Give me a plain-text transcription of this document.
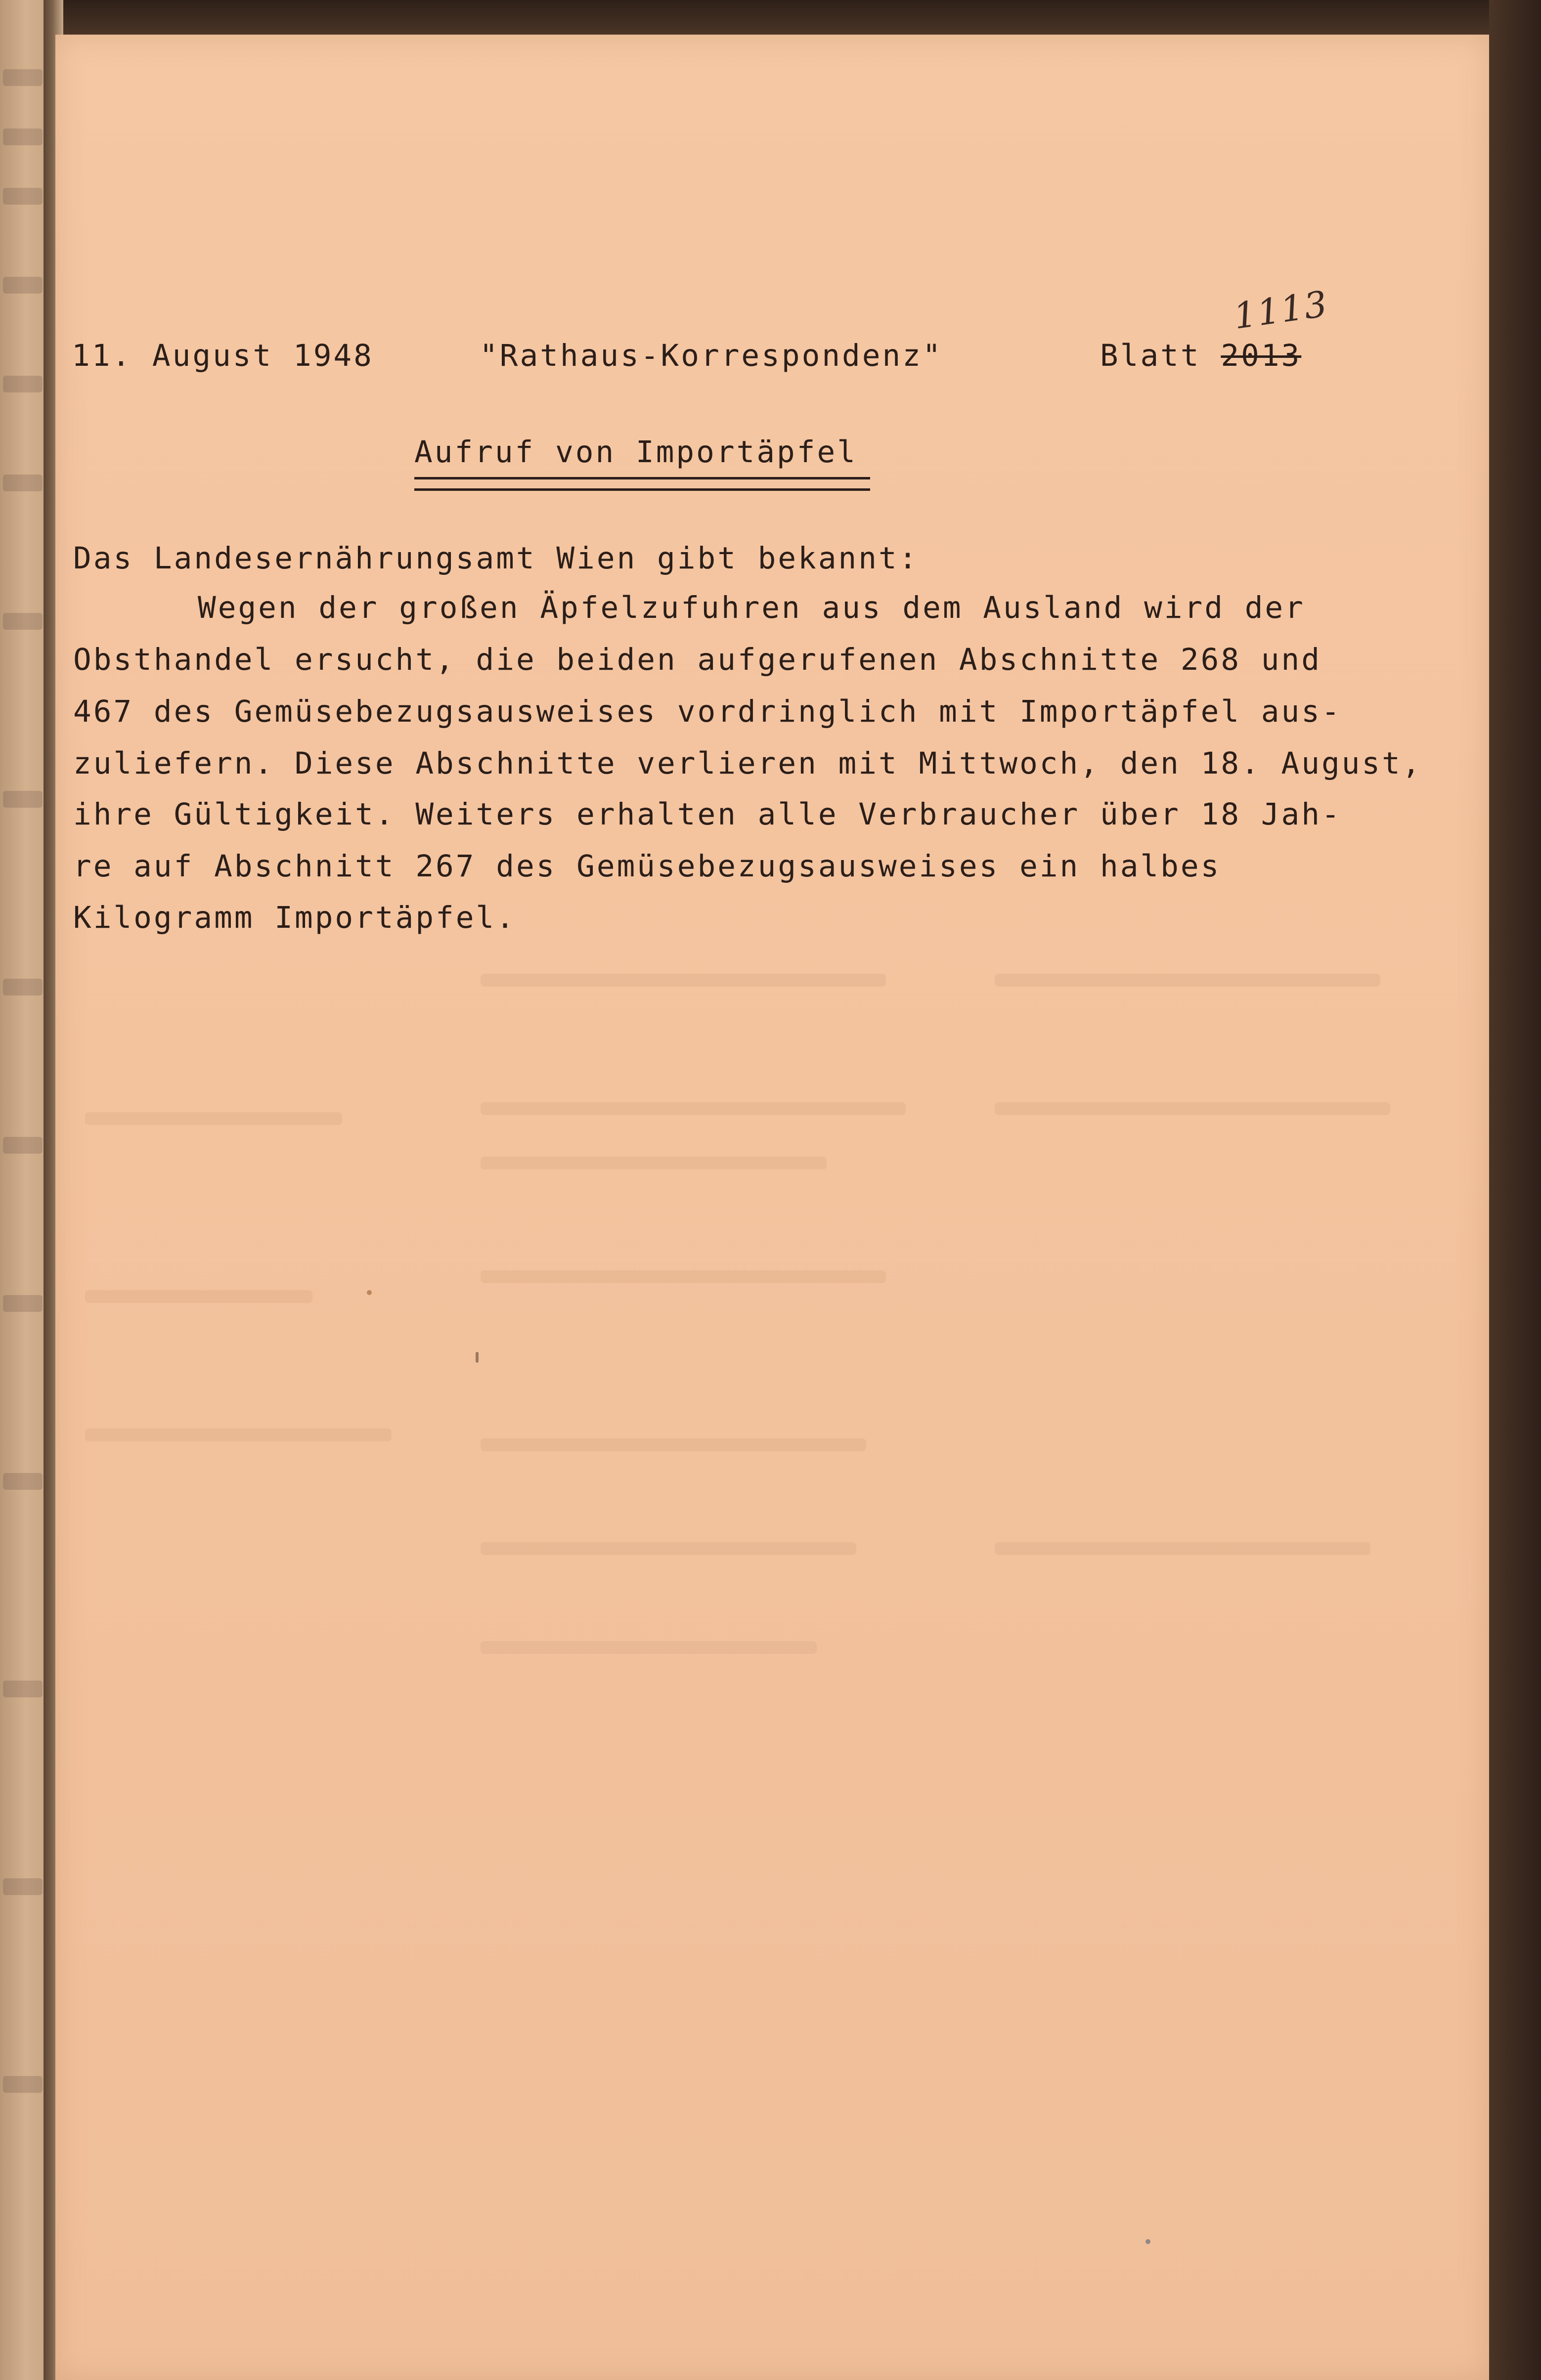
11. August 1948	"Rathaus-Korrespondenz"	Blatt 2013
1113
Aufruf von Importäpfel
Das Landesernährungsamt Wien gibt bekannt:
Wegen der großen Äpfelzufuhren aus dem Ausland wird der
Obsthandel ersucht, die beiden aufgerufenen Abschnitte 268 und
467 des Gemüsebezugsausweises vordringlich mit Importäpfel aus-
zuliefern. Diese Abschnitte verlieren mit Mittwoch, den 18. August,
ihre Gültigkeit. Weiters erhalten alle Verbraucher über 18 Jah-
re auf Abschnitt 267 des Gemüsebezugsausweises ein halbes
Kilogramm Importäpfel.
